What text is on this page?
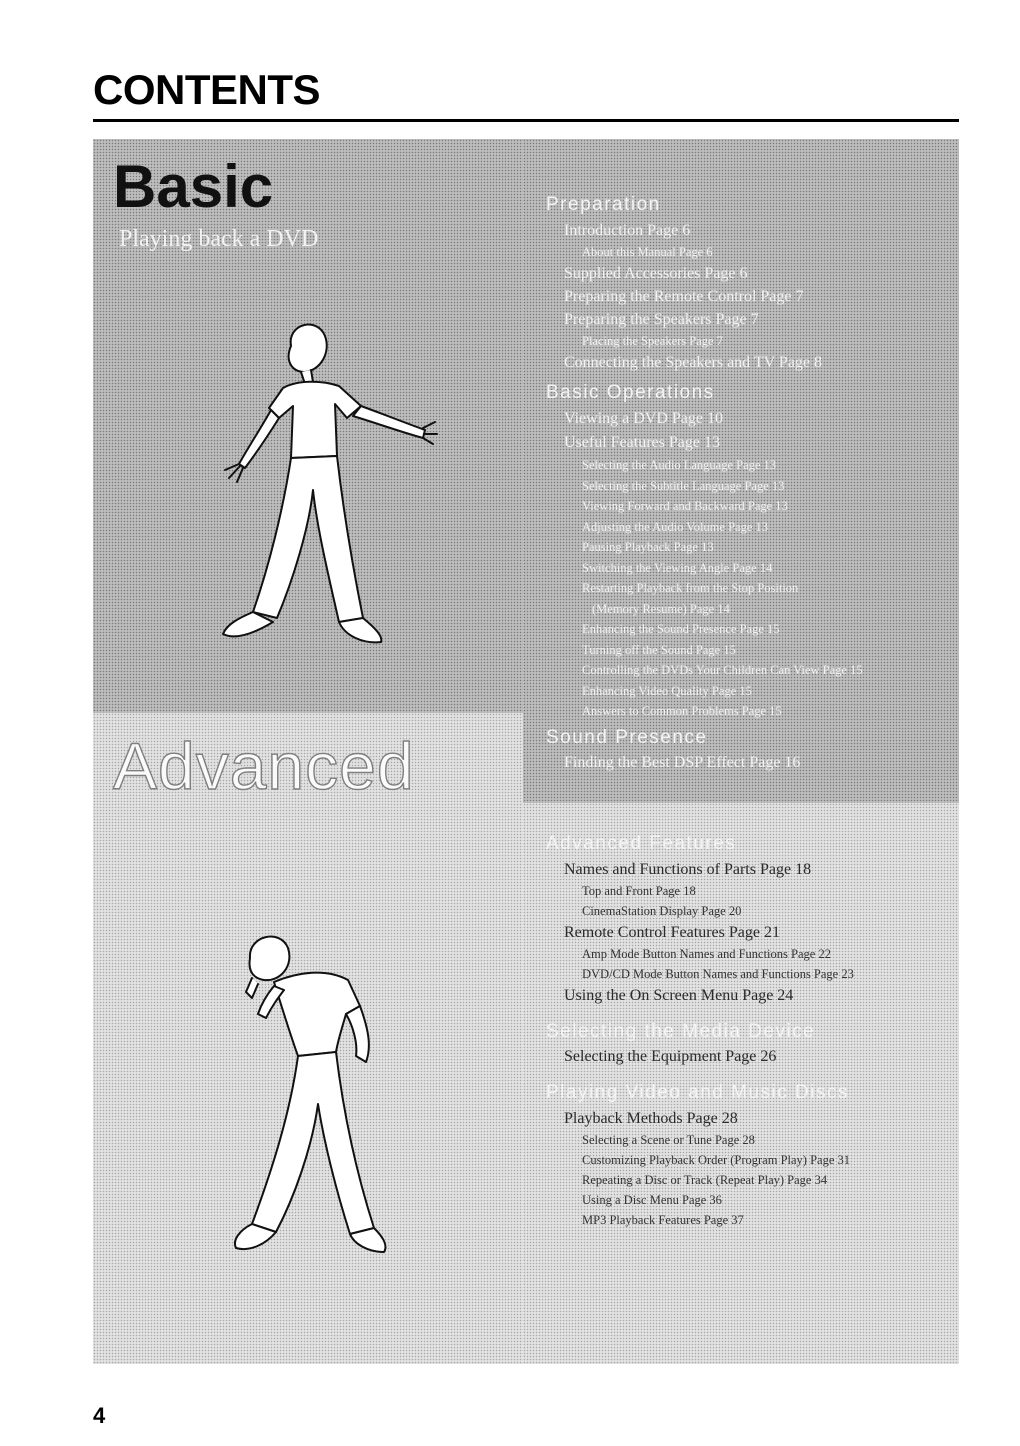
CONTENTS
Basic
Playing back a DVD
Advanced
Preparation
Introduction Page 6
About this Manual Page 6
Supplied Accessories Page 6
Preparing the Remote Control Page 7
Preparing the Speakers Page 7
Placing the Speakers Page 7
Connecting the Speakers and TV Page 8
Basic Operations
Viewing a DVD Page 10
Useful Features Page 13
Selecting the Audio Language Page 13
Selecting the Subtitle Language Page 13
Viewing Forward and Backward Page 13
Adjusting the Audio Volume Page 13
Pausing Playback Page 13
Switching the Viewing Angle Page 14
Restarting Playback from the Stop Position
(Memory Resume) Page 14
Enhancing the Sound Presence Page 15
Turning off the Sound Page 15
Controlling the DVDs Your Children Can View Page 15
Enhancing Video Quality Page 15
Answers to Common Problems Page 15
Sound Presence
Finding the Best DSP Effect Page 16
Advanced Features
Names and Functions of Parts Page 18
Top and Front Page 18
CinemaStation Display Page 20
Remote Control Features Page 21
Amp Mode Button Names and Functions Page 22
DVD/CD Mode Button Names and Functions Page 23
Using the On Screen Menu Page 24
Selecting the Media Device
Selecting the Equipment Page 26
Playing Video and Music Discs
Playback Methods Page 28
Selecting a Scene or Tune Page 28
Customizing Playback Order (Program Play) Page 31
Repeating a Disc or Track (Repeat Play) Page 34
Using a Disc Menu Page 36
MP3 Playback Features Page 37
4
